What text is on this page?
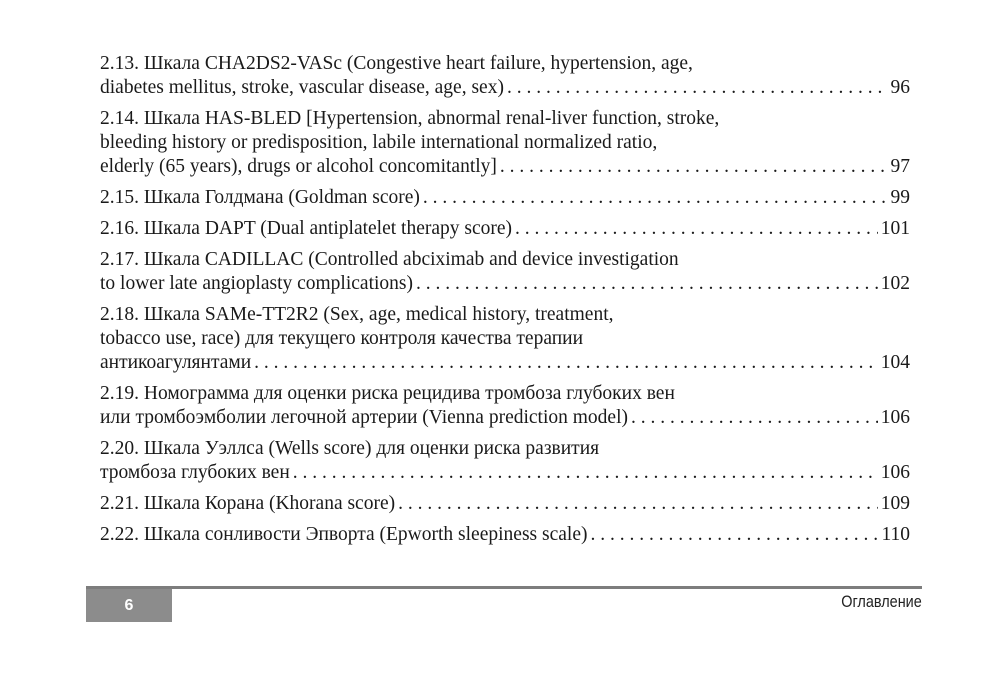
2.13. Шкала CHA2DS2-VASc (Congestive heart failure, hypertension, age,
diabetes mellitus, stroke, vascular disease, age, sex) . . .	96
2.14. Шкала HAS-BLED [Hypertension, abnormal renal-liver function, stroke,
bleeding history or predisposition, labile international normalized ratio,
elderly (65 years), drugs or alcohol concomitantly] . . .	97
2.15. Шкала Голдмана (Goldman score) . . .	99
2.16. Шкала DAPT (Dual antiplatelet therapy score) . . .	101
2.17. Шкала CADILLAC (Controlled abciximab and device investigation
to lower late angioplasty complications) . . .	102
2.18. Шкала SAMe-TT2R2 (Sex, age, medical history, treatment,
tobacco use, race) для текущего контроля качества терапии
антикоагулянтами . . .	104
2.19. Номограмма для оценки риска рецидива тромбоза глубоких вен
или тромбоэмболии легочной артерии (Vienna prediction model) . . .	106
2.20. Шкала Уэллса (Wells score) для оценки риска развития
тромбоза глубоких вен . . .	106
2.21. Шкала Корана (Khorana score) . . .	109
2.22. Шкала сонливости Эпворта (Epworth sleepiness scale) . . .	110
6	Оглавление
